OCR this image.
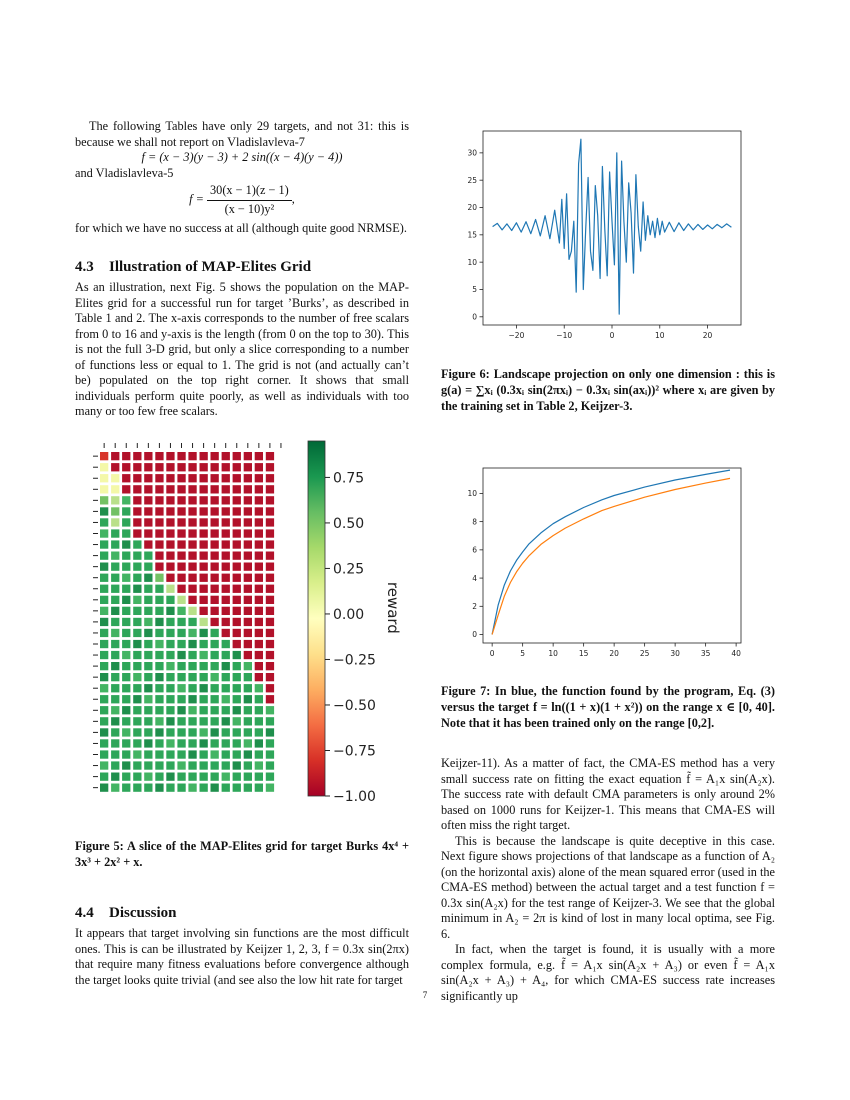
The following Tables have only 29 targets, and not 31: this is because we shall not report on Vladislavleva-7

f = (x − 3)(y − 3) + 2 sin((x − 4)(y − 4))

and Vladislavleva-5

$f = \frac{30(x - 1)(z - 1)}{\text{(x − 10)y²}}$ ,

for which we have no success at all (although quite good NRMSE).

4.3 Illustration of MAP-Elites Grid

As an illustration, next Fig. 5 shows the population on the MAP-Elites grid for a successful run for target ’Burks’, as described in Table 1 and 2. The x-axis corresponds to the number of free scalars from 0 to 16 and y-axis is the length (from 0 on the top to 30). This is not the full 3-D grid, but only a slice corresponding to a number of functions less or equal to 1. The grid is not (and actually can’t be) populated on the top right corner. It shows that small individuals perform quite poorly, as well as individuals with too many or too few free scalars.

0.75
0.50
0.25
0.00
−0.25
−0.50
−0.75
−1.00
reward
Figure 5: A slice of the MAP-Elites grid for target Burks 4x⁴ + 3x³ + 2x² + x.

4.4 Discussion

It appears that target involving sin functions are the most difficult ones. This is can be illustrated by Keijzer 1, 2, 3, f = 0.3x sin(2πx) that require many fitness evaluations before convergence although the target looks quite trivial (and see also the low hit rate for target

−20	−10	0	10	20
0
5
10
15
20
25
30
Figure 6: Landscape projection on only one dimension : this is g(a) = ∑xᵢ (0.3xᵢ sin(2πxᵢ) − 0.3xᵢ sin(axᵢ))² where xᵢ are given by the training set in Table 2, Keijzer-3.
0	5	10	15	20	25	30	35	40
0
2
4
6
8
10
Figure 7: In blue, the function found by the program, Eq. (3) versus the target f = ln((1 + x)(1 + x²)) on the range x ∈ [0, 40]. Note that it has been trained only on the range [0,2].

Keijzer-11). As a matter of fact, the CMA-ES method has a very small success rate on fitting the exact equation f̃ = A₁x sin(A₂x). The success rate with default CMA parameters is only around 2% based on 1000 runs for Keijzer-1. This means that CMA-ES will often miss the right target.

This is because the landscape is quite deceptive in this case. Next figure shows projections of that landscape as a function of A₂ (on the horizontal axis) alone of the mean squared error (used in the CMA-ES method) between the actual target and a test function f = 0.3x sin(A₂x) for the test range of Keijzer-3. We see that the global minimum in A₂ = 2π is kind of lost in many local optima, see Fig. 6.

In fact, when the target is found, it is usually with a more complex formula, e.g. f̃ = A₁x sin(A₂x + A₃) or even f̃ = A₁x sin(A₂x + A₃) + A₄, for which CMA-ES success rate increases significantly up

7
